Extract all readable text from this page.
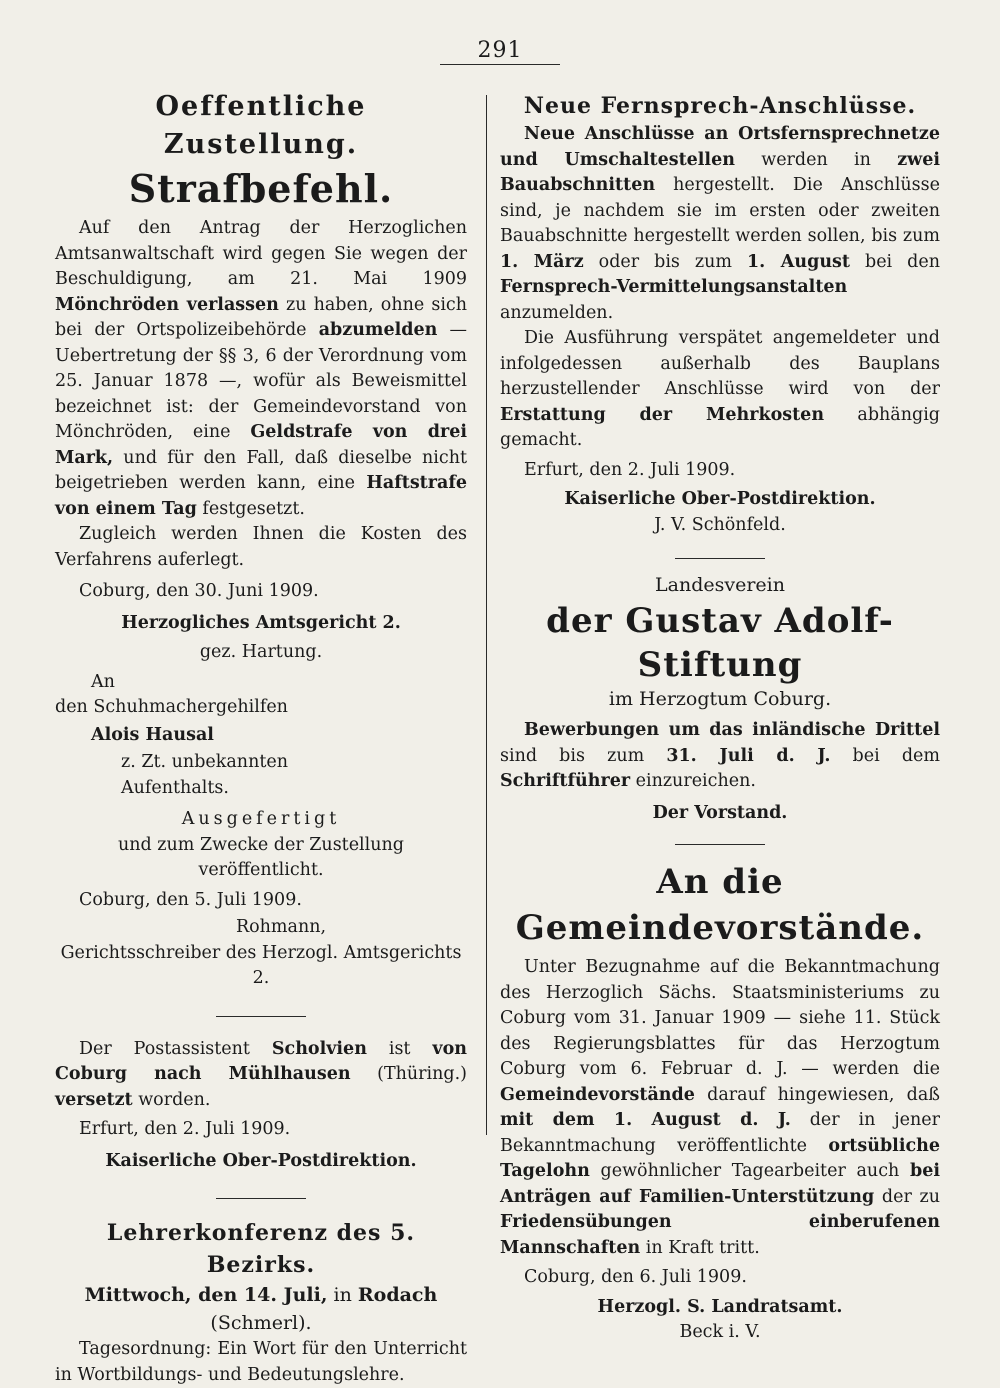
291

Oeffentliche Zustellung.

Strafbefehl.

Auf den Antrag der Herzoglichen Amtsanwaltschaft wird gegen Sie wegen der Beschuldigung, am 21. Mai 1909 Mönchröden verlassen zu haben, ohne sich bei der Ortspolizeibehörde abzumelden — Uebertretung der §§ 3, 6 der Verordnung vom 25. Januar 1878 —, wofür als Beweismittel bezeichnet ist: der Gemeindevorstand von Mönchröden, eine Geldstrafe von drei Mark, und für den Fall, daß dieselbe nicht beigetrieben werden kann, eine Haftstrafe von einem Tag festgesetzt.

Zugleich werden Ihnen die Kosten des Verfahrens auferlegt.

Coburg, den 30. Juni 1909.

Herzogliches Amtsgericht 2.

gez. Hartung.

An

den Schuhmachergehilfen

Alois Hausal

z. Zt. unbekannten

Aufenthalts.

Ausgefertigt

und zum Zwecke der Zustellung veröffentlicht.

Coburg, den 5. Juli 1909.

Rohmann,

Gerichtsschreiber des Herzogl. Amtsgerichts 2.

Der Postassistent Scholvien ist von Coburg nach Mühlhausen (Thüring.) versetzt worden.

Erfurt, den 2. Juli 1909.

Kaiserliche Ober-Postdirektion.

Lehrerkonferenz des 5. Bezirks.

Mittwoch, den 14. Juli, in Rodach (Schmerl).

Tagesordnung: Ein Wort für den Unterricht in Wortbildungs- und Bedeutungslehre.

Neue Fernsprech-Anschlüsse.

Neue Anschlüsse an Ortsfernsprechnetze und Umschaltestellen werden in zwei Bauabschnitten hergestellt. Die Anschlüsse sind, je nachdem sie im ersten oder zweiten Bauabschnitte hergestellt werden sollen, bis zum 1. März oder bis zum 1. August bei den Fernsprech-Vermittelungsanstalten anzumelden.

Die Ausführung verspätet angemeldeter und infolgedessen außerhalb des Bauplans herzustellender Anschlüsse wird von der Erstattung der Mehrkosten abhängig gemacht.

Erfurt, den 2. Juli 1909.

Kaiserliche Ober-Postdirektion.

J. V. Schönfeld.

Landesverein

der Gustav Adolf-Stiftung

im Herzogtum Coburg.

Bewerbungen um das inländische Drittel sind bis zum 31. Juli d. J. bei dem Schriftführer einzureichen.

Der Vorstand.

An die Gemeindevorstände.

Unter Bezugnahme auf die Bekanntmachung des Herzoglich Sächs. Staatsministeriums zu Coburg vom 31. Januar 1909 — siehe 11. Stück des Regierungsblattes für das Herzogtum Coburg vom 6. Februar d. J. — werden die Gemeindevorstände darauf hingewiesen, daß mit dem 1. August d. J. der in jener Bekanntmachung veröffentlichte ortsübliche Tagelohn gewöhnlicher Tagearbeiter auch bei Anträgen auf Familien-Unterstützung der zu Friedensübungen einberufenen Mannschaften in Kraft tritt.

Coburg, den 6. Juli 1909.

Herzogl. S. Landratsamt.

Beck i. V.
